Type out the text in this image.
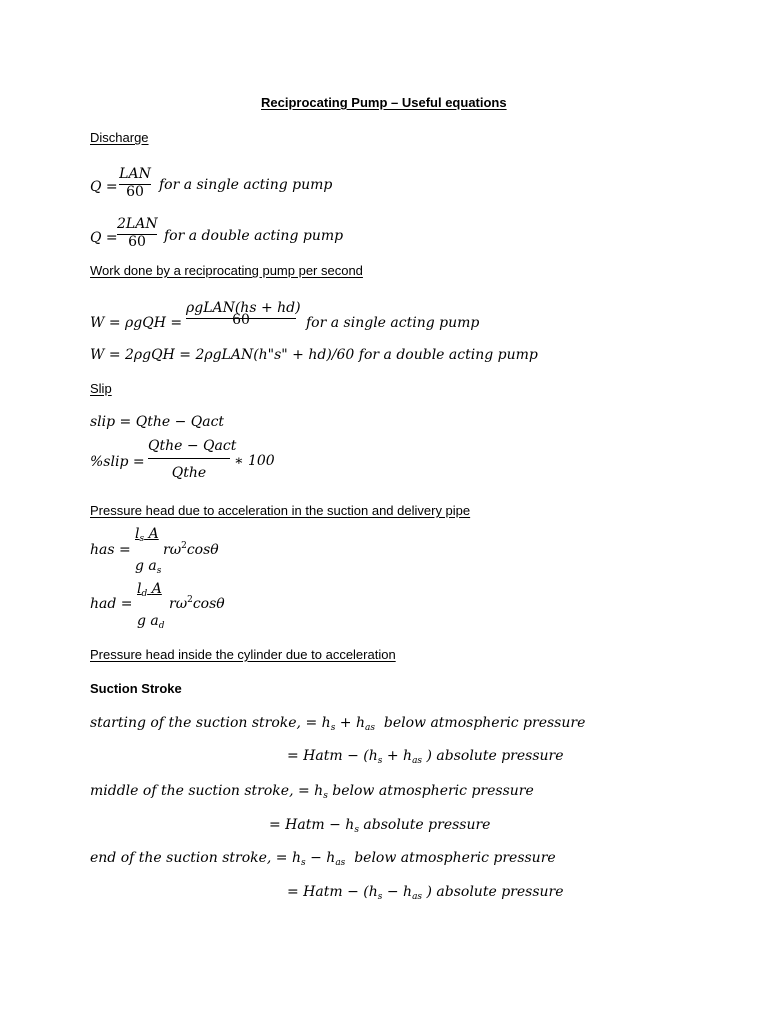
Reciprocating Pump – Useful equations
Discharge
Q =
LAN
60	for a single acting pump
Q =
2LAN
60	for a double acting pump
Work done by a reciprocating pump per second
W = ρgQH =
ρgLAN(hs + hd)
60	for a single acting pump
W = 2ρgQH = 2ρgLAN(h"s" + hd)/60 for a double acting pump
Slip
slip = Qthe − Qact
%slip =
Qthe − Qact
Qthe
∗ 100
Pressure head due to acceleration in the suction and delivery pipe
has =
$l_s$ A
g $a_s$
$r\omega^2\cos\theta$
had =
$l_d$ A
g $a_d$
$r\omega^2\cos\theta$
Pressure head inside the cylinder due to acceleration
Suction Stroke
starting of the suction stroke, = $h_s + h_{as}$ below atmospheric pressure
= Hatm − ($h_s + h_{as}$ ) absolute pressure
middle of the suction stroke, = $h_s$ below atmospheric pressure
= Hatm − $h_s$ absolute pressure
end of the suction stroke, = $h_s - h_{as}$ below atmospheric pressure
= Hatm − ($h_s - h_{as}$ ) absolute pressure
